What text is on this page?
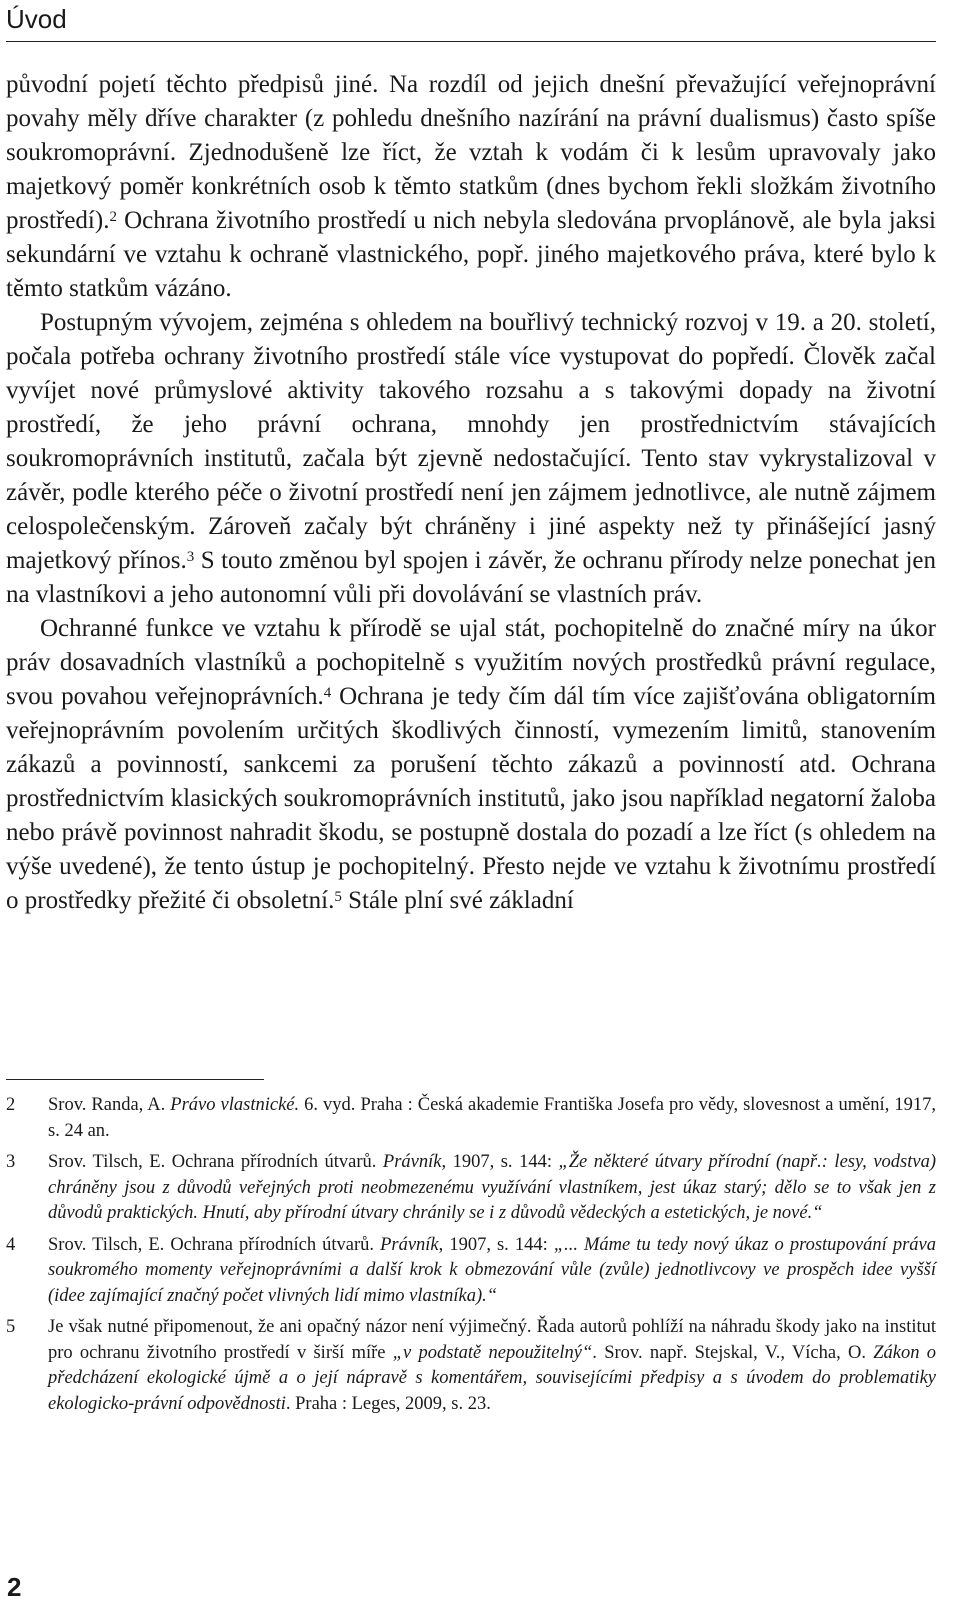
Úvod

původní pojetí těchto předpisů jiné. Na rozdíl od jejich dnešní převažující veřejnoprávní povahy měly dříve charakter (z pohledu dnešního nazírání na právní dualismus) často spíše soukromoprávní. Zjednodušeně lze říct, že vztah k vodám či k lesům upravovaly jako majetkový poměr konkrétních osob k těmto statkům (dnes bychom řekli složkám životního prostředí).$^2$ Ochrana životního prostředí u nich nebyla sledována prvoplánově, ale byla jaksi sekundární ve vztahu k ochraně vlastnického, popř. jiného majetkového práva, které bylo k těmto statkům vázáno.

Postupným vývojem, zejména s ohledem na bouřlivý technický rozvoj v 19. a 20. století, počala potřeba ochrany životního prostředí stále více vystupovat do popředí. Člověk začal vyvíjet nové průmyslové aktivity takového rozsahu a s takovými dopady na životní prostředí, že jeho právní ochrana, mnohdy jen prostřednictvím stávajících soukromoprávních institutů, začala být zjevně nedostačující. Tento stav vykrystalizoval v závěr, podle kterého péče o životní prostředí není jen zájmem jednotlivce, ale nutně zájmem celospolečenským. Zároveň začaly být chráněny i jiné aspekty než ty přinášející jasný majetkový přínos.$^3$ S touto změnou byl spojen i závěr, že ochranu přírody nelze ponechat jen na vlastníkovi a jeho autonomní vůli při dovolávání se vlastních práv.

Ochranné funkce ve vztahu k přírodě se ujal stát, pochopitelně do značné míry na úkor práv dosavadních vlastníků a pochopitelně s využitím nových prostředků právní regulace, svou povahou veřejnoprávních.$^4$ Ochrana je tedy čím dál tím více zajišťována obligatorním veřejnoprávním povolením určitých škodlivých činností, vymezením limitů, stanovením zákazů a povinností, sankcemi za porušení těchto zákazů a povinností atd. Ochrana prostřednictvím klasických soukromoprávních institutů, jako jsou například negatorní žaloba nebo právě povinnost nahradit škodu, se postupně dostala do pozadí a lze říct (s ohledem na výše uvedené), že tento ústup je pochopitelný. Přesto nejde ve vztahu k životnímu prostředí o prostředky přežité či obsoletní.$^5$ Stále plní své základní

2 Srov. Randa, A. Právo vlastnické. 6. vyd. Praha : Česká akademie Františka Josefa pro vědy, slovesnost a umění, 1917, s. 24 an.
3 Srov. Tilsch, E. Ochrana přírodních útvarů. Právník, 1907, s. 144: „Že některé útvary přírodní (např.: lesy, vodstva) chráněny jsou z důvodů veřejných proti neobmezenému využívání vlastníkem, jest úkaz starý; dělo se to však jen z důvodů praktických. Hnutí, aby přírodní útvary chránily se i z důvodů vědeckých a estetických, je nové.“
4 Srov. Tilsch, E. Ochrana přírodních útvarů. Právník, 1907, s. 144: „... Máme tu tedy nový úkaz o prostupování práva soukromého momenty veřejnoprávními a další krok k obmezování vůle (zvůle) jednotlivcovy ve prospěch idee vyšší (idee zajímající značný počet vlivných lidí mimo vlastníka).“
5 Je však nutné připomenout, že ani opačný názor není výjimečný. Řada autorů pohlíží na náhradu škody jako na institut pro ochranu životního prostředí v širší míře „v podstatě nepoužitelný“. Srov. např. Stejskal, V., Vícha, O. Zákon o předcházení ekologické újmě a o její nápravě s komentářem, souvisejícími předpisy a s úvodem do problematiky ekologicko-právní odpovědnosti. Praha : Leges, 2009, s. 23.
2
